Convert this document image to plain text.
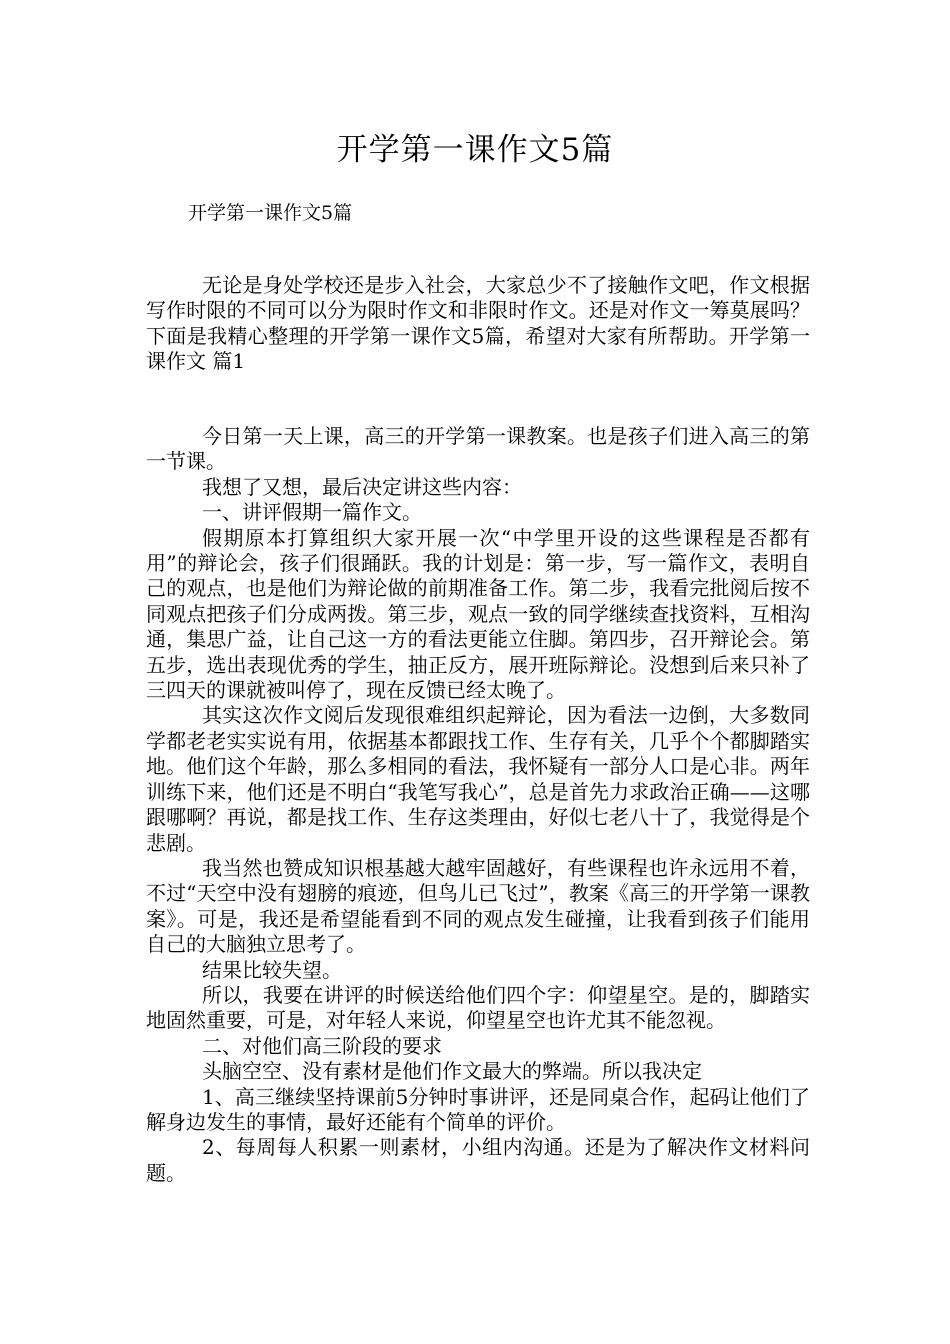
开学第一课作文5篇

开学第一课作文5篇

无论是身处学校还是步入社会，大家总少不了接触作文吧，作文根据写作时限的不同可以分为限时作文和非限时作文。还是对作文一筹莫展吗？下面是我精心整理的开学第一课作文5篇，希望对大家有所帮助。开学第一课作文 篇1

今日第一天上课，高三的开学第一课教案。也是孩子们进入高三的第一节课。

我想了又想，最后决定讲这些内容：

一、讲评假期一篇作文。

假期原本打算组织大家开展一次“中学里开设的这些课程是否都有用”的辩论会，孩子们很踊跃。我的计划是：第一步，写一篇作文，表明自己的观点，也是他们为辩论做的前期准备工作。第二步，我看完批阅后按不同观点把孩子们分成两拨。第三步，观点一致的同学继续查找资料，互相沟通，集思广益，让自己这一方的看法更能立住脚。第四步，召开辩论会。第五步，选出表现优秀的学生，抽正反方，展开班际辩论。没想到后来只补了三四天的课就被叫停了，现在反馈已经太晚了。

其实这次作文阅后发现很难组织起辩论，因为看法一边倒，大多数同学都老老实实说有用，依据基本都跟找工作、生存有关，几乎个个都脚踏实地。他们这个年龄，那么多相同的看法，我怀疑有一部分人口是心非。两年训练下来，他们还是不明白“我笔写我心”，总是首先力求政治正确——这哪跟哪啊？再说，都是找工作、生存这类理由，好似七老八十了，我觉得是个悲剧。

我当然也赞成知识根基越大越牢固越好，有些课程也许永远用不着，不过“天空中没有翅膀的痕迹，但鸟儿已飞过”，教案《高三的开学第一课教案》。可是，我还是希望能看到不同的观点发生碰撞，让我看到孩子们能用自己的大脑独立思考了。

结果比较失望。

所以，我要在讲评的时候送给他们四个字：仰望星空。是的，脚踏实地固然重要，可是，对年轻人来说，仰望星空也许尤其不能忽视。

二、对他们高三阶段的要求

头脑空空、没有素材是他们作文最大的弊端。所以我决定

1、高三继续坚持课前5分钟时事讲评，还是同桌合作，起码让他们了解身边发生的事情，最好还能有个简单的评价。

2、每周每人积累一则素材，小组内沟通。还是为了解决作文材料问题。
